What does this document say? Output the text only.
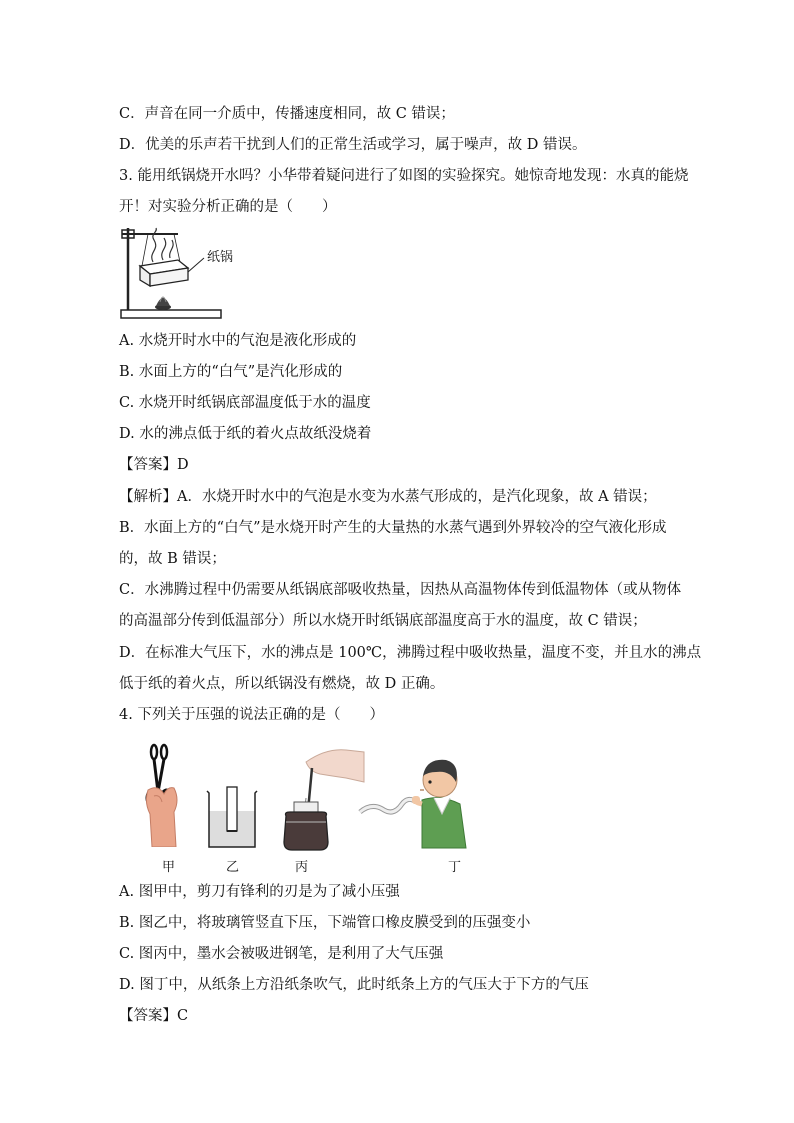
C．声音在同一介质中，传播速度相同，故 C 错误；
D．优美的乐声若干扰到人们的正常生活或学习，属于噪声，故 D 错误。
3. 能用纸锅烧开水吗？小华带着疑问进行了如图的实验探究。她惊奇地发现：水真的能烧
开！对实验分析正确的是（　　）
纸锅
A. 水烧开时水中的气泡是液化形成的
B. 水面上方的“白气”是汽化形成的
C. 水烧开时纸锅底部温度低于水的温度
D. 水的沸点低于纸的着火点故纸没烧着
【答案】D
【解析】A．水烧开时水中的气泡是水变为水蒸气形成的，是汽化现象，故 A 错误；
B．水面上方的“白气”是水烧开时产生的大量热的水蒸气遇到外界较冷的空气液化形成
的，故 B 错误；
C．水沸腾过程中仍需要从纸锅底部吸收热量，因热从高温物体传到低温物体（或从物体
的高温部分传到低温部分）所以水烧开时纸锅底部温度高于水的温度，故 C 错误；
D．在标准大气压下，水的沸点是 100℃，沸腾过程中吸收热量，温度不变，并且水的沸点
低于纸的着火点，所以纸锅没有燃烧，故 D 正确。
4. 下列关于压强的说法正确的是（　　）
甲	乙	丙	丁
A. 图甲中，剪刀有锋利的刃是为了减小压强
B. 图乙中，将玻璃管竖直下压，下端管口橡皮膜受到的压强变小
C. 图丙中，墨水会被吸进钢笔，是利用了大气压强
D. 图丁中，从纸条上方沿纸条吹气，此时纸条上方的气压大于下方的气压
【答案】C
